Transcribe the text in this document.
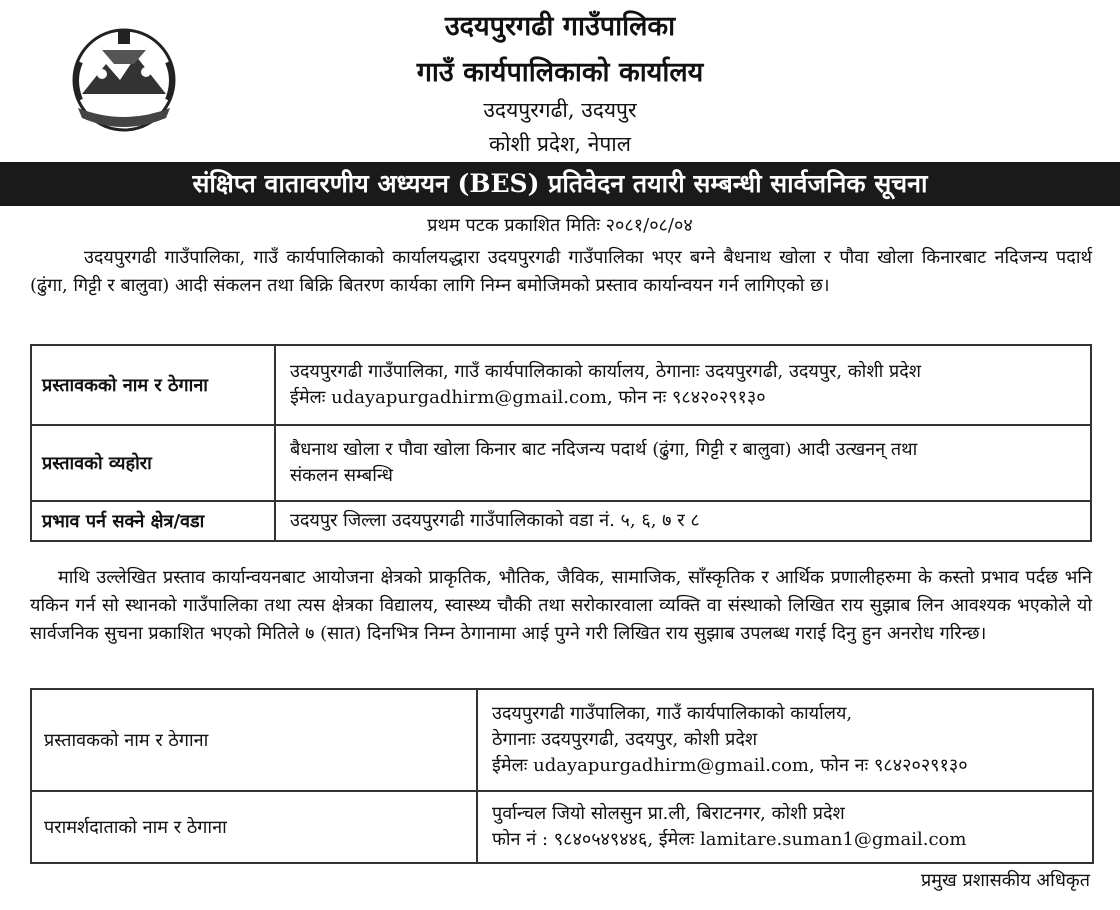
उदयपुरगढी गाउँपालिका
गाउँ कार्यपालिकाको कार्यालय
उदयपुरगढी, उदयपुर
कोशी प्रदेश, नेपाल
संक्षिप्त वातावरणीय अध्ययन (BES) प्रतिवेदन तयारी सम्बन्धी सार्वजनिक सूचना
प्रथम पटक प्रकाशित मितिः २०८१/०८/०४
उदयपुरगढी गाउँपालिका, गाउँ कार्यपालिकाको कार्यालयद्धारा उदयपुरगढी गाउँपालिका भएर बग्ने बैधनाथ खोला र पौवा खोला किनारबाट नदिजन्य पदार्थ (ढुंगा, गिट्टी र बालुवा) आदी संकलन तथा बिक्रि बितरण कार्यका लागि निम्न बमोजिमको प्रस्ताव कार्यान्वयन गर्न लागिएको छ।
प्रस्तावकको नाम र ठेगाना	उदयपुरगढी गाउँपालिका, गाउँ कार्यपालिकाको कार्यालय, ठेगानाः उदयपुरगढी, उदयपुर, कोशी प्रदेश
ईमेलः udayapurgadhirm@gmail.com, फोन नः ९८४२०२९१३०

प्रस्तावको व्यहोरा	बैधनाथ खोला र पौवा खोला किनार बाट नदिजन्य पदार्थ (ढुंगा, गिट्टी र बालुवा) आदी उत्खनन् तथा
संकलन सम्बन्धि

प्रभाव पर्न सक्ने क्षेत्र/वडा	उदयपुर जिल्ला उदयपुरगढी गाउँपालिकाको वडा नं. ५, ६, ७ र ८
माथि उल्लेखित प्रस्ताव कार्यान्वयनबाट आयोजना क्षेत्रको प्राकृतिक, भौतिक, जैविक, सामाजिक, साँस्कृतिक र आर्थिक प्रणालीहरुमा के कस्तो प्रभाव पर्दछ भनि यकिन गर्न सो स्थानको गाउँपालिका तथा त्यस क्षेत्रका विद्यालय, स्वास्थ्य चौकी तथा सरोकारवाला व्यक्ति वा संस्थाको लिखित राय सुझाब लिन आवश्यक भएकोले यो सार्वजनिक सुचना प्रकाशित भएको मितिले ७ (सात) दिनभित्र निम्न ठेगानामा आई पुग्ने गरी लिखित राय सुझाब उपलब्ध गराई दिनु हुन अनरोध गरिन्छ।
प्रस्तावकको नाम र ठेगाना	उदयपुरगढी गाउँपालिका, गाउँ कार्यपालिकाको कार्यालय,
ठेगानाः उदयपुरगढी, उदयपुर, कोशी प्रदेश
ईमेलः udayapurgadhirm@gmail.com, फोन नः ९८४२०२९१३०

परामर्शदाताको नाम र ठेगाना	पुर्वान्चल जियो सोलसुन प्रा.ली, बिराटनगर, कोशी प्रदेश
फोन नं : ९८४०५४९४४६, ईमेलः lamitare.suman1@gmail.com
प्रमुख प्रशासकीय अधिकृत
